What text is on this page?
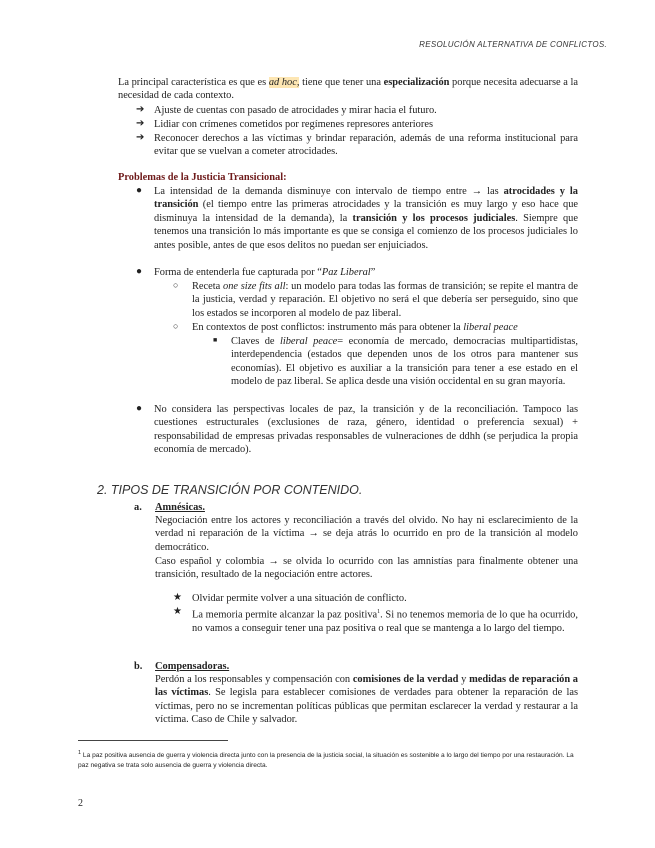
RESOLUCIÓN ALTERNATIVA DE CONFLICTOS.
La principal característica es que es ad hoc, tiene que tener una especialización porque necesita adecuarse a la necesidad de cada contexto.
➔ Ajuste de cuentas con pasado de atrocidades y mirar hacia el futuro.
➔ Lidiar con crímenes cometidos por regímenes represores anteriores
➔ Reconocer derechos a las víctimas y brindar reparación, además de una reforma institucional para evitar que se vuelvan a cometer atrocidades.
Problemas de la Justicia Transicional:
● La intensidad de la demanda disminuye con intervalo de tiempo entre → las atrocidades y la transición (el tiempo entre las primeras atrocidades y la transición es muy largo y eso hace que disminuya la intensidad de la demanda), la transición y los procesos judiciales. Siempre que tenemos una transición lo más importante es que se consiga el comienzo de los procesos judiciales lo antes posible, antes de que esos delitos no puedan ser enjuiciados.
● Forma de entenderla fue capturada por “Paz Liberal”
○ Receta one size fits all: un modelo para todas las formas de transición; se repite el mantra de la justicia, verdad y reparación. El objetivo no será el que debería ser perseguido, sino que los estados se incorporen al modelo de paz liberal.
○ En contextos de post conflictos: instrumento más para obtener la liberal peace
■ Claves de liberal peace= economía de mercado, democracias multipartidistas, interdependencia (estados que dependen unos de los otros para mantener sus economías). El objetivo es auxiliar a la transición para tener a ese estado en el modelo de paz liberal. Se aplica desde una visión occidental en su gran mayoría.
● No considera las perspectivas locales de paz, la transición y de la reconciliación. Tampoco las cuestiones estructurales (exclusiones de raza, género, identidad o preferencia sexual) + responsabilidad de empresas privadas responsables de vulneraciones de ddhh (se perjudica la propia economía de mercado).
2. TIPOS DE TRANSICIÓN POR CONTENIDO.
a. Amnésicas.
Negociación entre los actores y reconciliación a través del olvido. No hay ni esclarecimiento de la verdad ni reparación de la víctima → se deja atrás lo ocurrido en pro de la transición al modelo democrático.
Caso español y colombia → se olvida lo ocurrido con las amnistías para finalmente obtener una transición, resultado de la negociación entre actores.
★ Olvidar permite volver a una situación de conflicto.
★ La memoria permite alcanzar la paz positiva$^1$. Si no tenemos memoria de lo que ha ocurrido, no vamos a conseguir tener una paz positiva o real que se mantenga a lo largo del tiempo.
b. Compensadoras.
Perdón a los responsables y compensación con comisiones de la verdad y medidas de reparación a las víctimas. Se legisla para establecer comisiones de verdades para obtener la reparación de las víctimas, pero no se incrementan políticas públicas que permitan esclarecer la verdad y restaurar a la víctima. Caso de Chile y salvador.
$^1$ La paz positiva ausencia de guerra y violencia directa junto con la presencia de la justicia social, la situación es sostenible a lo largo del tiempo por una restauración. La paz negativa se trata solo ausencia de guerra y violencia directa.
2
